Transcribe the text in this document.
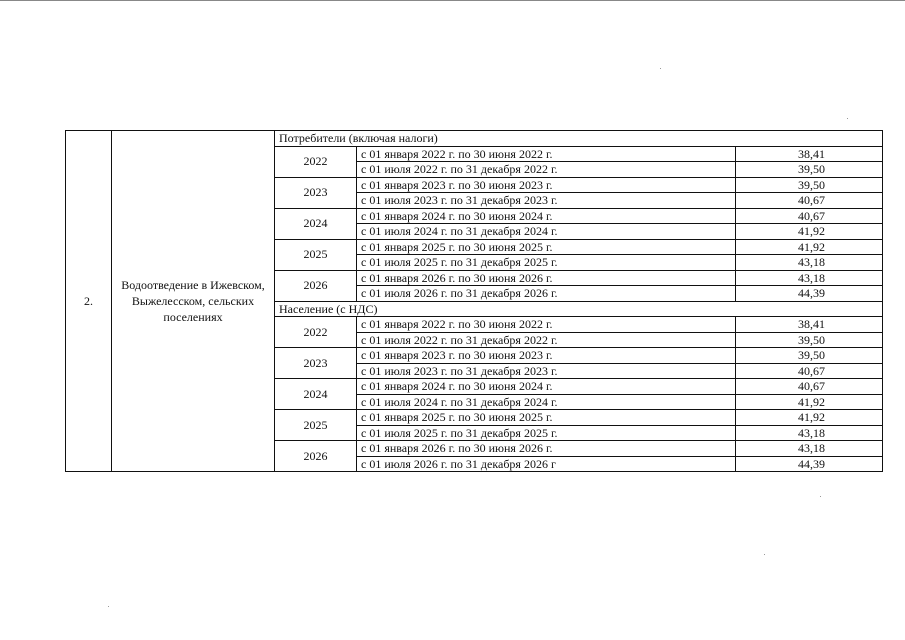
2.	Водоотведение в Ижевском, Выжелесском, сельских поселениях	Потребители (включая налоги)		
		2022	с 01 января 2022 г. по 30 июня 2022 г.	38,41
			с 01 июля 2022 г. по 31 декабря 2022 г.	39,50
		2023	с 01 января 2023 г. по 30 июня 2023 г.	39,50
			с 01 июля 2023 г. по 31 декабря 2023 г.	40,67
		2024	с 01 января 2024 г. по 30 июня 2024 г.	40,67
			с 01 июля 2024 г. по 31 декабря 2024 г.	41,92
		2025	с 01 января 2025 г. по 30 июня 2025 г.	41,92
			с 01 июля 2025 г. по 31 декабря 2025 г.	43,18
		2026	с 01 января 2026 г. по 30 июня 2026 г.	43,18
			с 01 июля 2026 г. по 31 декабря 2026 г.	44,39
		Население (с НДС)		
		2022	с 01 января 2022 г. по 30 июня 2022 г.	38,41
			с 01 июля 2022 г. по 31 декабря 2022 г.	39,50
		2023	с 01 января 2023 г. по 30 июня 2023 г.	39,50
			с 01 июля 2023 г. по 31 декабря 2023 г.	40,67
		2024	с 01 января 2024 г. по 30 июня 2024 г.	40,67
			с 01 июля 2024 г. по 31 декабря 2024 г.	41,92
		2025	с 01 января 2025 г. по 30 июня 2025 г.	41,92
			с 01 июля 2025 г. по 31 декабря 2025 г.	43,18
		2026	с 01 января 2026 г. по 30 июня 2026 г.	43,18
			с 01 июля 2026 г. по 31 декабря 2026 г	44,39
